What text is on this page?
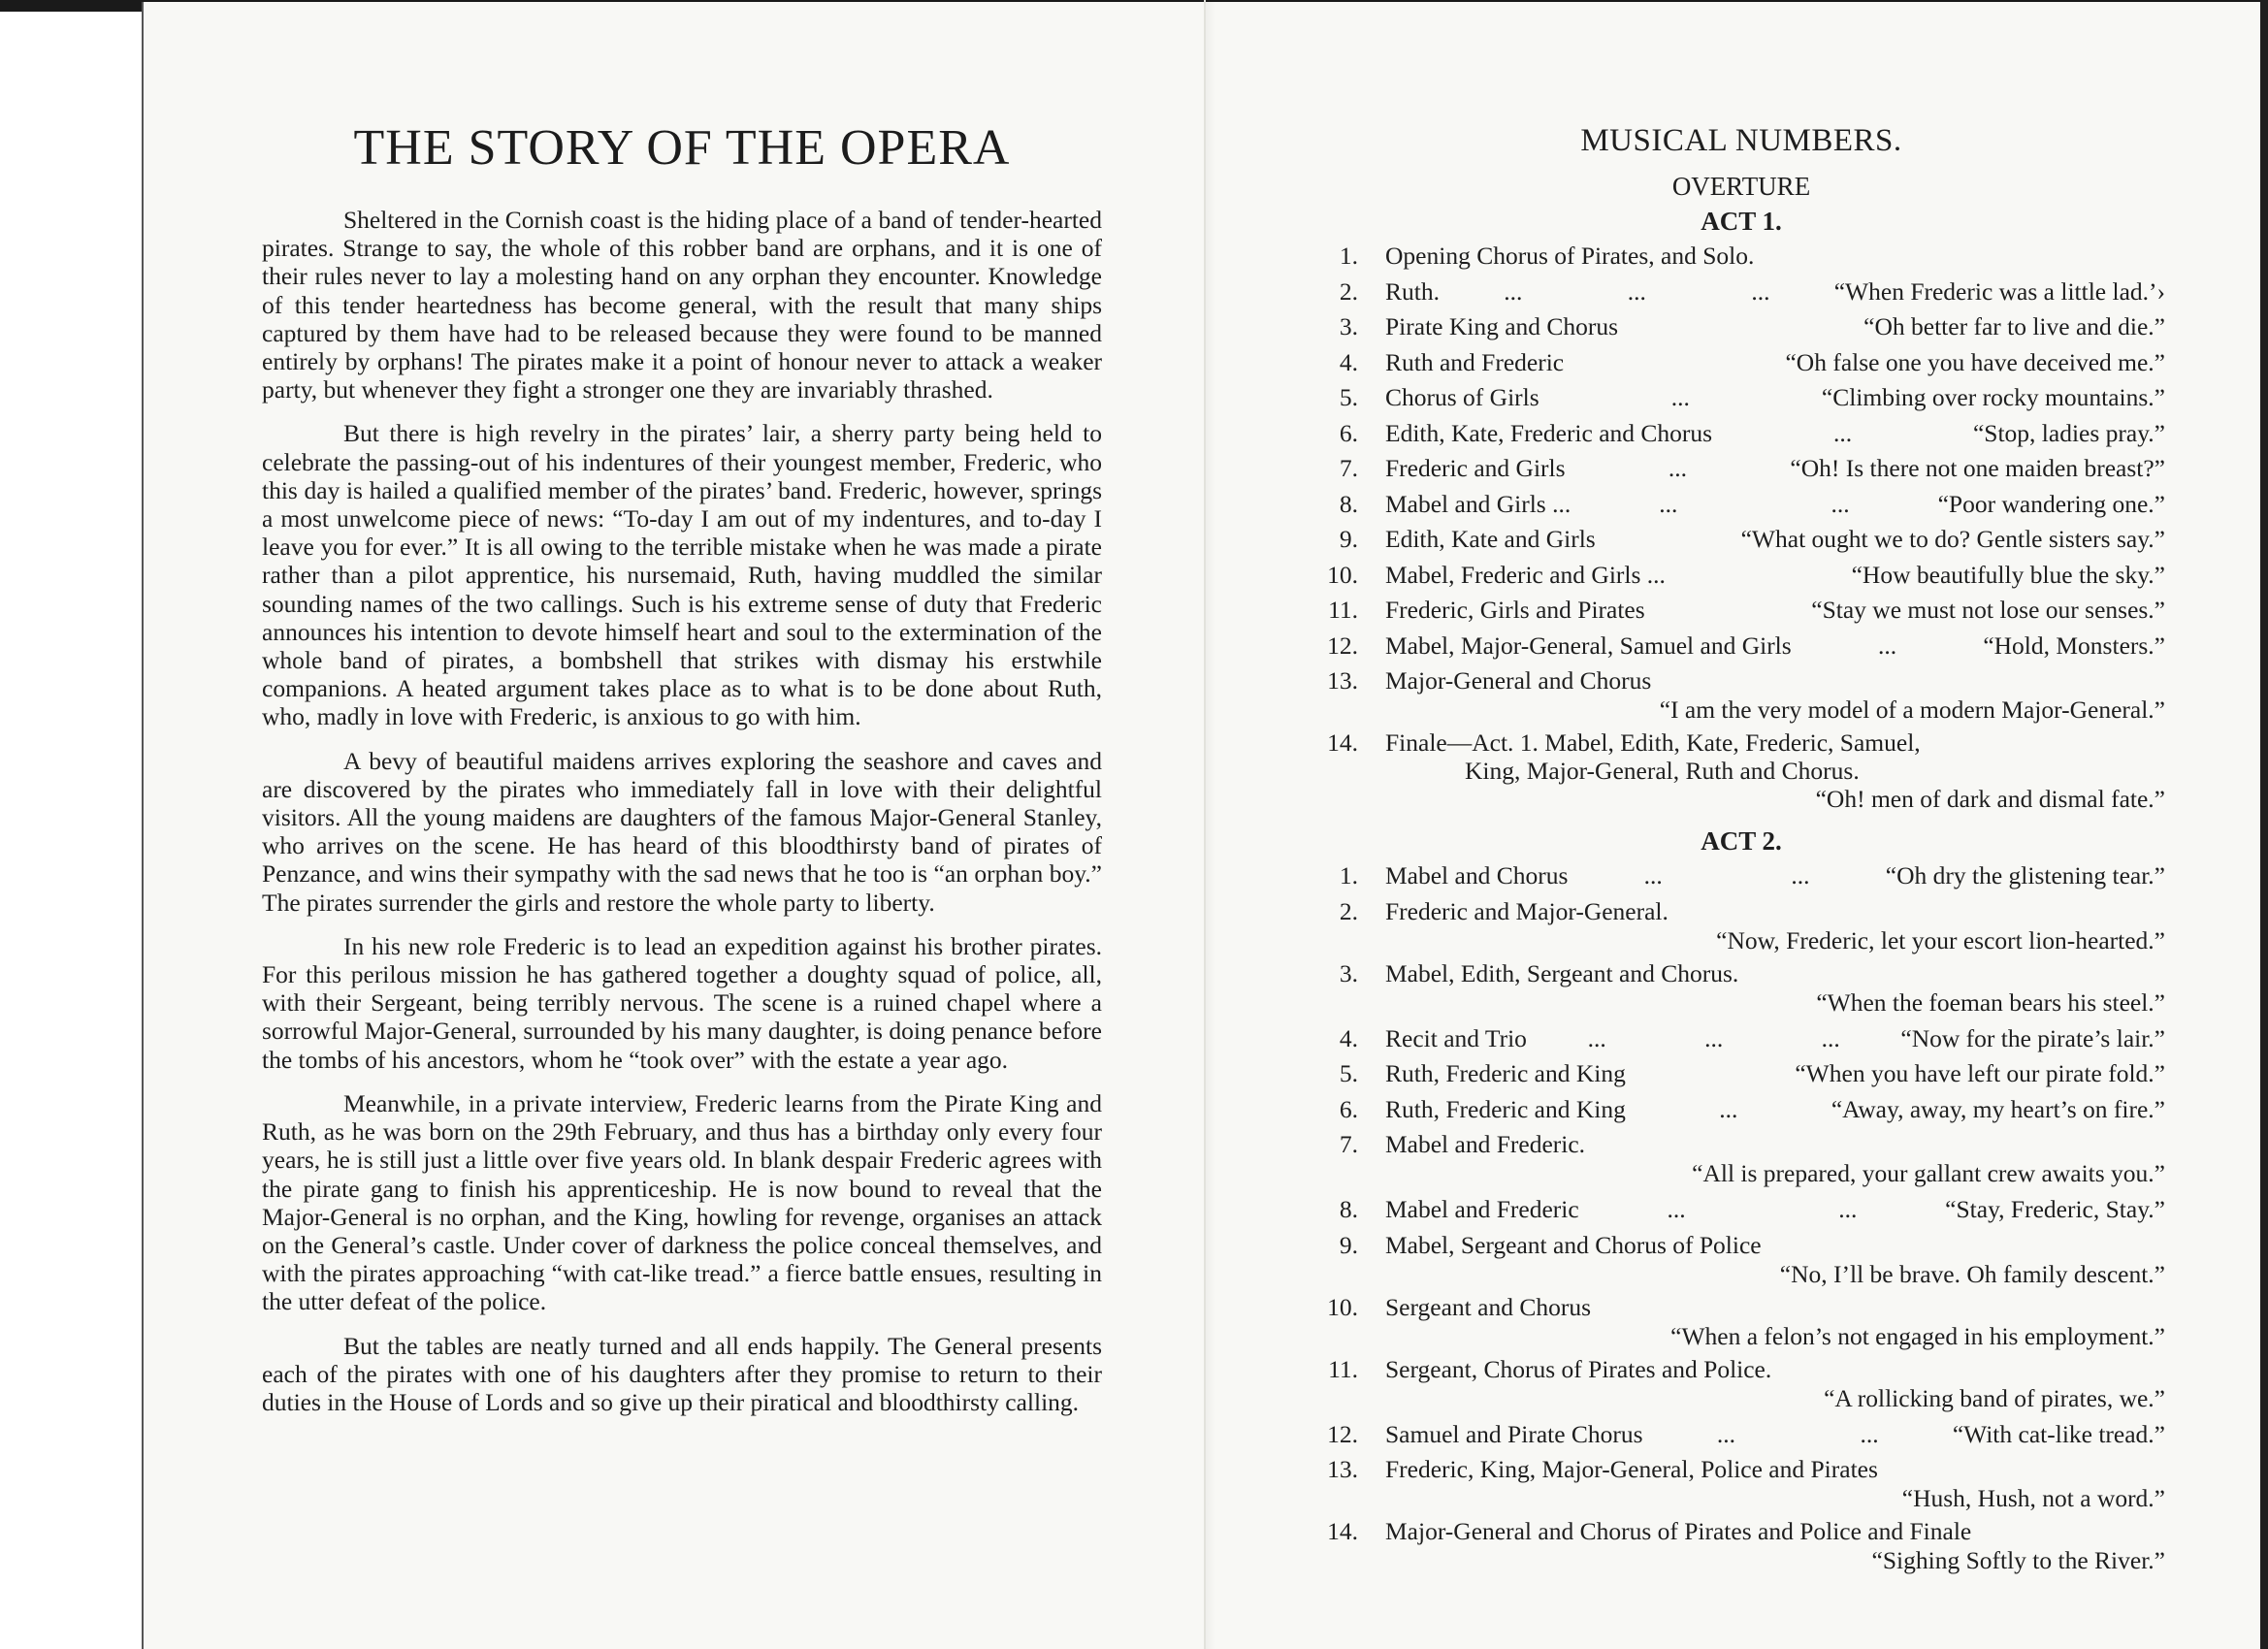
THE STORY OF THE OPERA

Sheltered in the Cornish coast is the hiding place of a band of tender-hearted pirates. Strange to say, the whole of this robber band are orphans, and it is one of their rules never to lay a molesting hand on any orphan they encounter. Knowledge of this tender heartedness has become general, with the result that many ships captured by them have had to be released because they were found to be manned entirely by orphans! The pirates make it a point of honour never to attack a weaker party, but whenever they fight a stronger one they are invariably thrashed.

But there is high revelry in the pirates’ lair, a sherry party being held to celebrate the passing-out of his indentures of their youngest member, Frederic, who this day is hailed a qualified member of the pirates’ band. Frederic, however, springs a most unwelcome piece of news: “To-day I am out of my indentures, and to-day I leave you for ever.” It is all owing to the terrible mistake when he was made a pirate rather than a pilot apprentice, his nursemaid, Ruth, having muddled the similar sounding names of the two callings. Such is his extreme sense of duty that Frederic announces his intention to devote himself heart and soul to the extermination of the whole band of pirates, a bombshell that strikes with dismay his erstwhile companions. A heated argument takes place as to what is to be done about Ruth, who, madly in love with Frederic, is anxious to go with him.

A bevy of beautiful maidens arrives exploring the seashore and caves and are discovered by the pirates who immediately fall in love with their delightful visitors. All the young maidens are daughters of the famous Major-General Stanley, who arrives on the scene. He has heard of this bloodthirsty band of pirates of Penzance, and wins their sympathy with the sad news that he too is “an orphan boy.” The pirates surrender the girls and restore the whole party to liberty.

In his new role Frederic is to lead an expedition against his brother pirates. For this perilous mission he has gathered together a doughty squad of police, all, with their Sergeant, being terribly nervous. The scene is a ruined chapel where a sorrowful Major-General, surrounded by his many daughter, is doing penance before the tombs of his ancestors, whom he “took over” with the estate a year ago.

Meanwhile, in a private interview, Frederic learns from the Pirate King and Ruth, as he was born on the 29th February, and thus has a birthday only every four years, he is still just a little over five years old. In blank despair Frederic agrees with the pirate gang to finish his apprenticeship. He is now bound to reveal that the Major-General is no orphan, and the King, howling for revenge, organises an attack on the General’s castle. Under cover of darkness the police conceal themselves, and with the pirates approaching “with cat-like tread.” a fierce battle ensues, resulting in the utter defeat of the police.

But the tables are neatly turned and all ends happily. The General presents each of the pirates with one of his daughters after they promise to return to their duties in the House of Lords and so give up their piratical and bloodthirsty calling.

MUSICAL NUMBERS.
OVERTURE
ACT 1.
1. Opening Chorus of Pirates, and Solo.
2. Ruth.	...	...	...	“When Frederic was a little lad.’›
3. Pirate King and Chorus	“Oh better far to live and die.”
4. Ruth and Frederic	“Oh false one you have deceived me.”
5. Chorus of Girls	...	“Climbing over rocky mountains.”
6. Edith, Kate, Frederic and Chorus	...	“Stop, ladies pray.”
7. Frederic and Girls	...	“Oh! Is there not one maiden breast?”
8. Mabel and Girls ...	...	...	“Poor wandering one.”
9. Edith, Kate and Girls	“What ought we to do? Gentle sisters say.”
10. Mabel, Frederic and Girls ...	“How beautifully blue the sky.”
11. Frederic, Girls and Pirates	“Stay we must not lose our senses.”
12. Mabel, Major-General, Samuel and Girls	...	“Hold, Monsters.”
13. Major-General and Chorus
“I am the very model of a modern Major-General.”
14. Finale—Act. 1. Mabel, Edith, Kate, Frederic, Samuel,
King, Major-General, Ruth and Chorus.
“Oh! men of dark and dismal fate.”
ACT 2.
1. Mabel and Chorus	...	...	“Oh dry the glistening tear.”
2. Frederic and Major-General.
“Now, Frederic, let your escort lion-hearted.”
3. Mabel, Edith, Sergeant and Chorus.
“When the foeman bears his steel.”
4. Recit and Trio ...	...	... “Now for the pirate’s lair.”
5. Ruth, Frederic and King	“When you have left our pirate fold.”
6. Ruth, Frederic and King	...	“Away, away, my heart’s on fire.”
7. Mabel and Frederic.
“All is prepared, your gallant crew awaits you.”
8. Mabel and Frederic	...	...	“Stay, Frederic, Stay.”
9. Mabel, Sergeant and Chorus of Police
“No, I’ll be brave. Oh family descent.”
10. Sergeant and Chorus
“When a felon’s not engaged in his employment.”
11. Sergeant, Chorus of Pirates and Police.
“A rollicking band of pirates, we.”
12. Samuel and Pirate Chorus	...	...	“With cat-like tread.”
13. Frederic, King, Major-General, Police and Pirates
“Hush, Hush, not a word.”
14. Major-General and Chorus of Pirates and Police and Finale
“Sighing Softly to the River.”
